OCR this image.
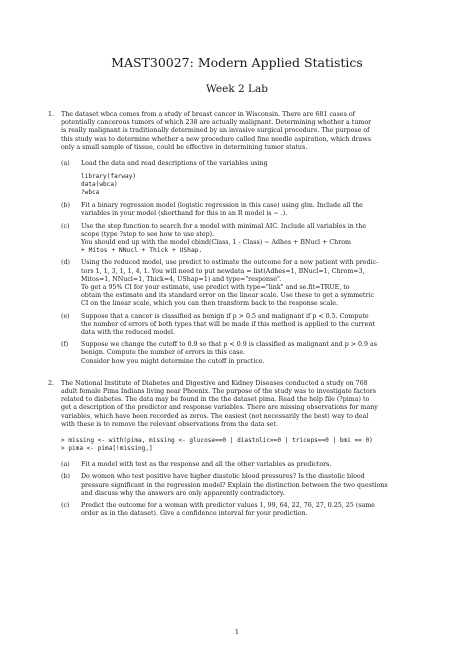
MAST30027: Modern Applied Statistics
Week 2 Lab
1. The dataset wbca comes from a study of breast cancer in Wisconsin. There are 681 cases of
potentially cancerous tumors of which 238 are actually malignant. Determining whether a tumor
is really malignant is traditionally determined by an invasive surgical procedure. The purpose of
this study was to determine whether a new procedure called fine needle aspiration, which draws
only a small sample of tissue, could be effective in determining tumor status.

(a) Load the data and read descriptions of the variables using
library(farway)
data(wbca)
?wbca
(b) Fit a binary regression model (logistic regression in this case) using glm. Include all the
variables in your model (shorthand for this in an R model is ~ .).
(c) Use the step function to search for a model with minimal AIC. Include all variables in the
scope (type ?step to see how to use step).
You should end up with the model cbind(Class, 1 - Class) ~ Adhes + BNucl + Chrom
+ Mitos + NNucl + Thick + UShap.
(d) Using the reduced model, use predict to estimate the outcome for a new patient with predic-
tors 1, 1, 3, 1, 1, 4, 1. You will need to put newdata = list(Adhes=1, BNucl=1, Chrom=3,
Mitos=1, NNucl=1, Thick=4, UShap=1) and type="response".
To get a 95% CI for your estimate, use predict with type="link" and se.fit=TRUE, to
obtain the estimate and its standard error on the linear scale. Use these to get a symmetric
CI on the linear scale, which you can then transform back to the response scale.
(e) Suppose that a cancer is classified as benign if p > 0.5 and malignant if p < 0.5. Compute
the number of errors of both types that will be made if this method is applied to the current
data with the reduced model.
(f) Suppose we change the cutoff to 0.9 so that p < 0.9 is classified as malignant and p > 0.9 as
benign. Compute the number of errors in this case.
Consider how you might determine the cutoff in practice.
2. The National Institute of Diabetes and Digestive and Kidney Diseases conducted a study on 768
adult female Pima Indians living near Phoenix. The purpose of the study was to investigate factors
related to diabetes. The data may be found in the the dataset pima. Read the help file (?pima) to
get a description of the predictor and response variables. There are missing observations for many
variables, which have been recorded as zeros. The easiest (not necessarily the best) way to deal
with these is to remove the relevant observations from the data set.

> missing <- with(pima, missing <- glucose==0 | diastolic==0 | triceps==0 | bmi == 0)
> pima <- pima[!missing,]
(a) Fit a model with test as the response and all the other variables as predictors.
(b) Do women who test positive have higher diastolic blood pressures? Is the diastolic blood
pressure significant in the regression model? Explain the distinction between the two questions
and discuss why the answers are only apparently contradictory.
(c) Predict the outcome for a woman with predictor values 1, 99, 64, 22, 76, 27, 0.25, 25 (same
order as in the dataset). Give a confidence interval for your prediction.
1
